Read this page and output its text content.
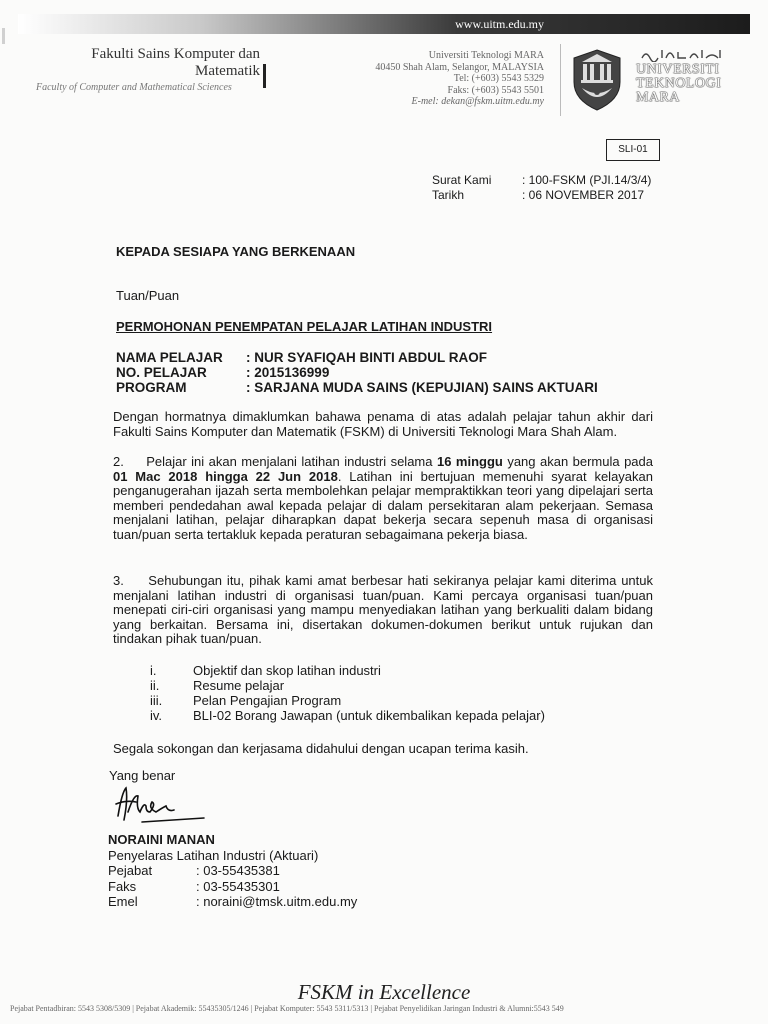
www.uitm.edu.my
Fakulti Sains Komputer dan
Matematik
Faculty of Computer and Mathematical Sciences
Universiti Teknologi MARA
40450 Shah Alam, Selangor, MALAYSIA
Tel: (+603) 5543 5329
Faks: (+603) 5543 5501
E-mel: dekan@fskm.uitm.edu.my
UNIVERSITI
TEKNOLOGI
MARA
SLI-01
Surat Kami	: 100-FSKM (PJI.14/3/4)
Tarikh	: 06 NOVEMBER 2017
KEPADA SESIAPA YANG BERKENAAN
Tuan/Puan
PERMOHONAN PENEMPATAN PELAJAR LATIHAN INDUSTRI
NAMA PELAJAR : NUR SYAFIQAH BINTI ABDUL RAOF
NO. PELAJAR	: 2015136999
PROGRAM	: SARJANA MUDA SAINS (KEPUJIAN) SAINS AKTUARI
Dengan hormatnya dimaklumkan bahawa penama di atas adalah pelajar tahun akhir dari Fakulti Sains Komputer dan Matematik (FSKM) di Universiti Teknologi Mara Shah Alam.
2. Pelajar ini akan menjalani latihan industri selama 16 minggu yang akan bermula pada 01 Mac 2018 hingga 22 Jun 2018. Latihan ini bertujuan memenuhi syarat kelayakan penganugerahan ijazah serta membolehkan pelajar mempraktikkan teori yang dipelajari serta memberi pendedahan awal kepada pelajar di dalam persekitaran alam pekerjaan. Semasa menjalani latihan, pelajar diharapkan dapat bekerja secara sepenuh masa di organisasi tuan/puan serta tertakluk kepada peraturan sebagaimana pekerja biasa.
3. Sehubungan itu, pihak kami amat berbesar hati sekiranya pelajar kami diterima untuk menjalani latihan industri di organisasi tuan/puan. Kami percaya organisasi tuan/puan menepati ciri-ciri organisasi yang mampu menyediakan latihan yang berkualiti dalam bidang yang berkaitan. Bersama ini, disertakan dokumen-dokumen berikut untuk rujukan dan tindakan pihak tuan/puan.
i.	Objektif dan skop latihan industri
ii.	Resume pelajar
iii. Pelan Pengajian Program
iv. BLI-02 Borang Jawapan (untuk dikembalikan kepada pelajar)
Segala sokongan dan kerjasama didahului dengan ucapan terima kasih.
Yang benar
NORAINI MANAN
Penyelaras Latihan Industri (Aktuari)
Pejabat	: 03-55435381
Faks	: 03-55435301
Emel	: noraini@tmsk.uitm.edu.my
FSKM in Excellence
Pejabat Pentadbiran: 5543 5308/5309 | Pejabat Akademik: 55435305/1246 | Pejabat Komputer: 5543 5311/5313 | Pejabat Penyelidikan Jaringan Industri & Alumni:5543 549
